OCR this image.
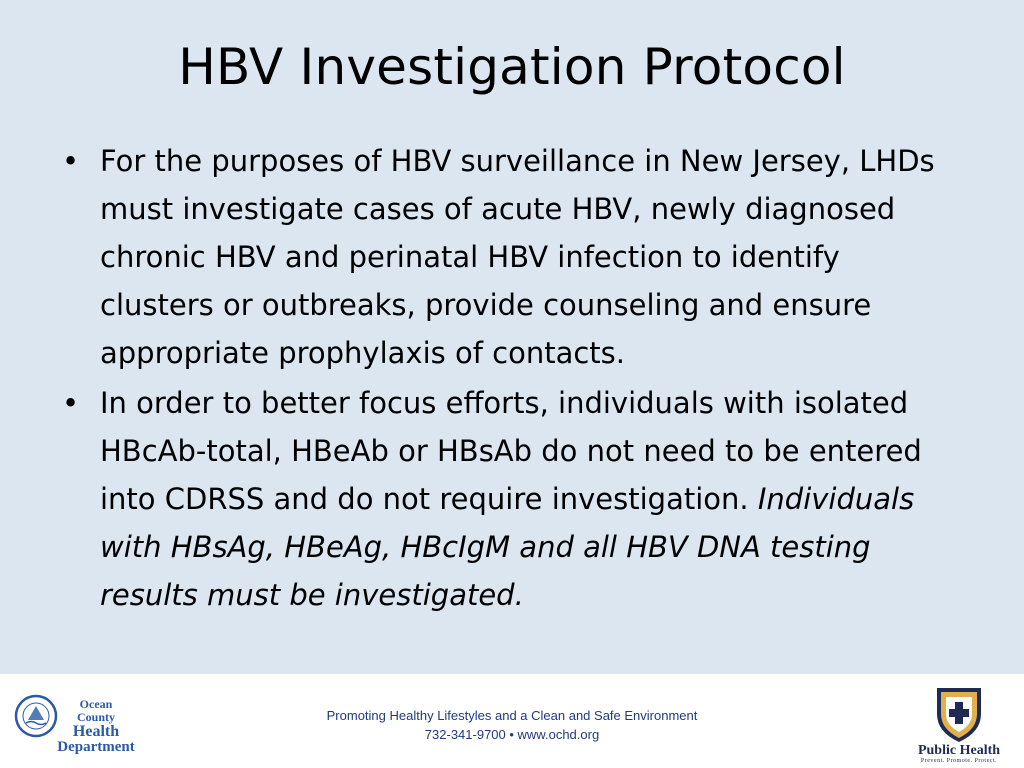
HBV Investigation Protocol
• For the purposes of HBV surveillance in New Jersey, LHDs must investigate cases of acute HBV, newly diagnosed chronic HBV and perinatal HBV infection to identify clusters or outbreaks, provide counseling and ensure appropriate prophylaxis of contacts.
• In order to better focus efforts, individuals with isolated HBcAb-total, HBeAb or HBsAb do not need to be entered into CDRSS and do not require investigation. Individuals with HBsAg, HBeAg, HBcIgM and all HBV DNA testing results must be investigated.
Ocean
County
Health
Department
Promoting Healthy Lifestyles and a Clean and Safe Environment
732-341-9700 • www.ochd.org
Public Health
Prevent. Promote. Protect.
